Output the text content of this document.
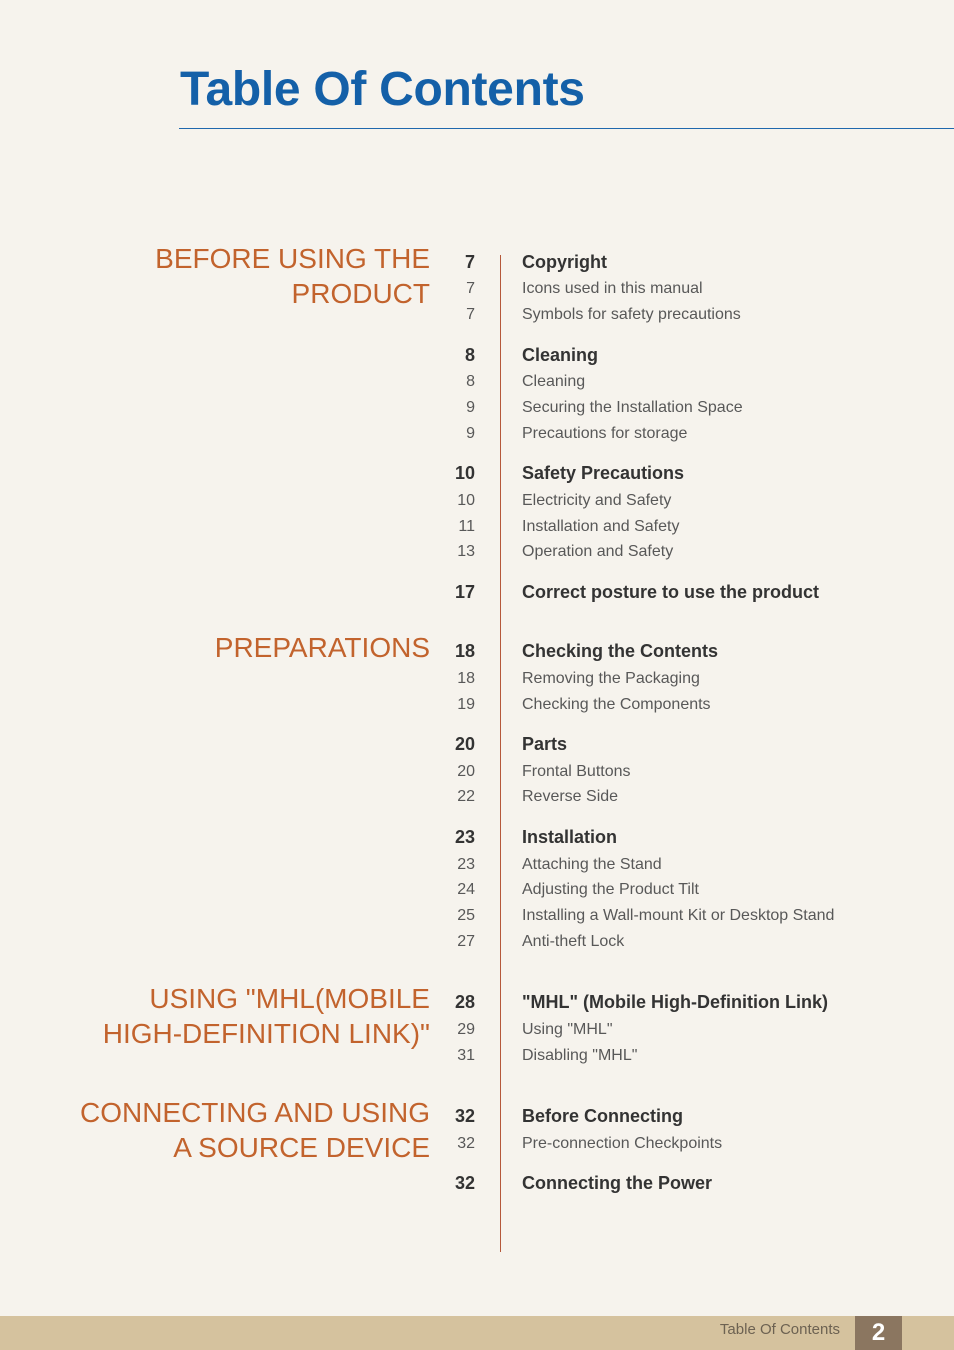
Table Of Contents
BEFORE USING THE
PRODUCT
7	Copyright
7	Icons used in this manual
7	Symbols for safety precautions
8	Cleaning
8	Cleaning
9	Securing the Installation Space
9	Precautions for storage
10	Safety Precautions
10	Electricity and Safety
11	Installation and Safety
13	Operation and Safety
17	Correct posture to use the product
PREPARATIONS	18	Checking the Contents
18	Removing the Packaging
19	Checking the Components
20	Parts
20	Frontal Buttons
22	Reverse Side
23	Installation
23	Attaching the Stand
24	Adjusting the Product Tilt
25	Installing a Wall-mount Kit or Desktop Stand
27	Anti-theft Lock
USING "MHL(MOBILE
HIGH-DEFINITION LINK)"
28	"MHL" (Mobile High-Definition Link)
29	Using "MHL"
31	Disabling "MHL"
CONNECTING AND USING
A SOURCE DEVICE
32	Before Connecting
32	Pre-connection Checkpoints
32	Connecting the Power
Table Of Contents	2
